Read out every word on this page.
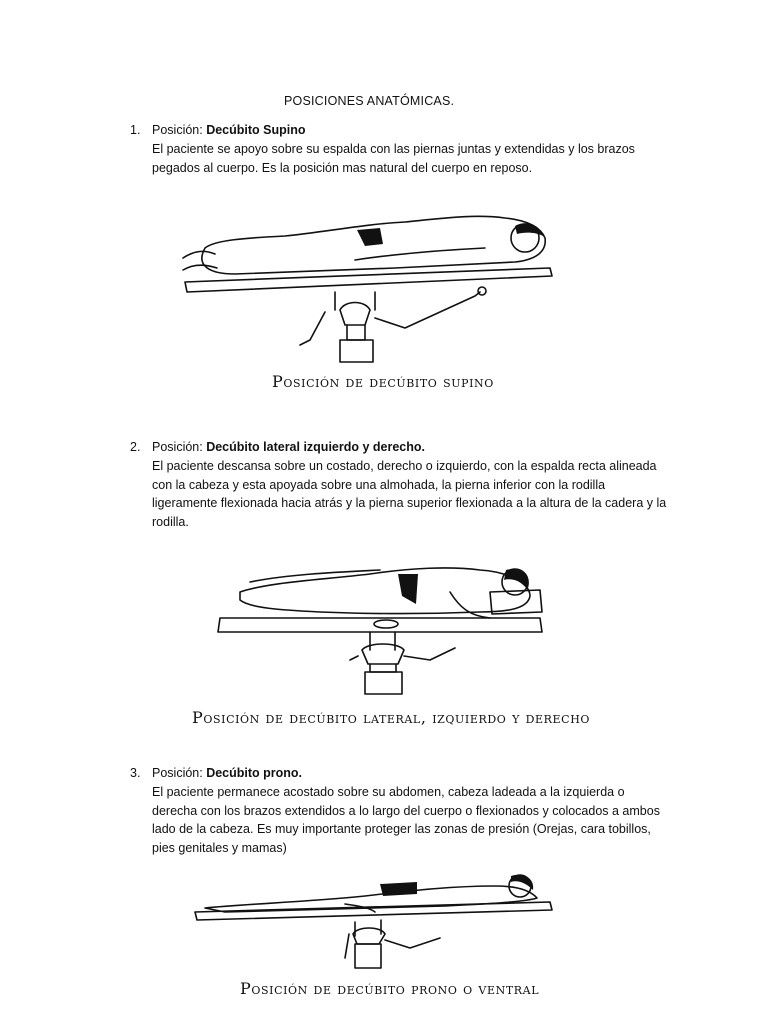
POSICIONES ANATÓMICAS.
1. Posición: Decúbito Supino
El paciente se apoyo sobre su espalda con las piernas juntas y extendidas y los brazos pegados al cuerpo. Es la posición mas natural del cuerpo en reposo.
Posición de decúbito supino
2. Posición: Decúbito lateral izquierdo y derecho.
El paciente descansa sobre un costado, derecho o izquierdo, con la espalda recta alineada con la cabeza y esta apoyada sobre una almohada, la pierna inferior con la rodilla ligeramente flexionada hacia atrás y la pierna superior flexionada a la altura de la cadera y la rodilla.
Posición de decúbito lateral, izquierdo y derecho
3. Posición: Decúbito prono.
El paciente permanece acostado sobre su abdomen, cabeza ladeada a la izquierda o derecha con los brazos extendidos a lo largo del cuerpo o flexionados y colocados a ambos lado de la cabeza. Es muy importante proteger las zonas de presión (Orejas, cara tobillos, pies genitales y mamas)
Posición de decúbito prono o ventral
